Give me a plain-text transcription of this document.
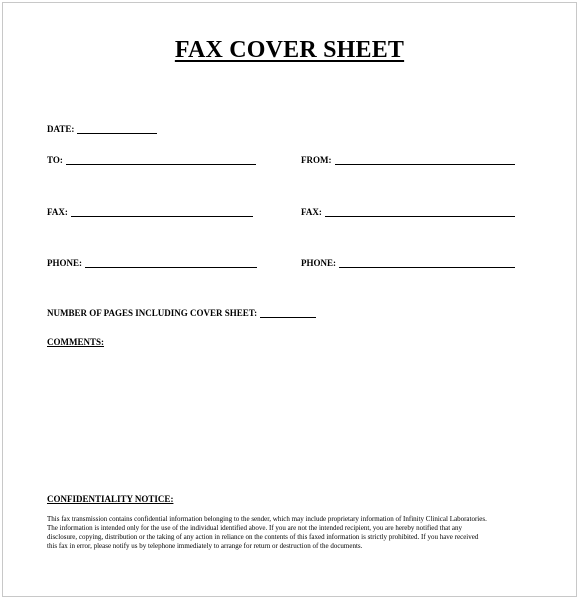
FAX COVER SHEET
DATE:
TO:	FROM:
FAX:	FAX:
PHONE:	PHONE:
NUMBER OF PAGES INCLUDING COVER SHEET:
COMMENTS:
CONFIDENTIALITY NOTICE:
This fax transmission contains confidential information belonging to the sender, which may include proprietary information of Infinity Clinical Laboratories.
The information is intended only for the use of the individual identified above. If you are not the intended recipient, you are hereby notified that any
disclosure, copying, distribution or the taking of any action in reliance on the contents of this faxed information is strictly prohibited. If you have received
this fax in error, please notify us by telephone immediately to arrange for return or destruction of the documents.
